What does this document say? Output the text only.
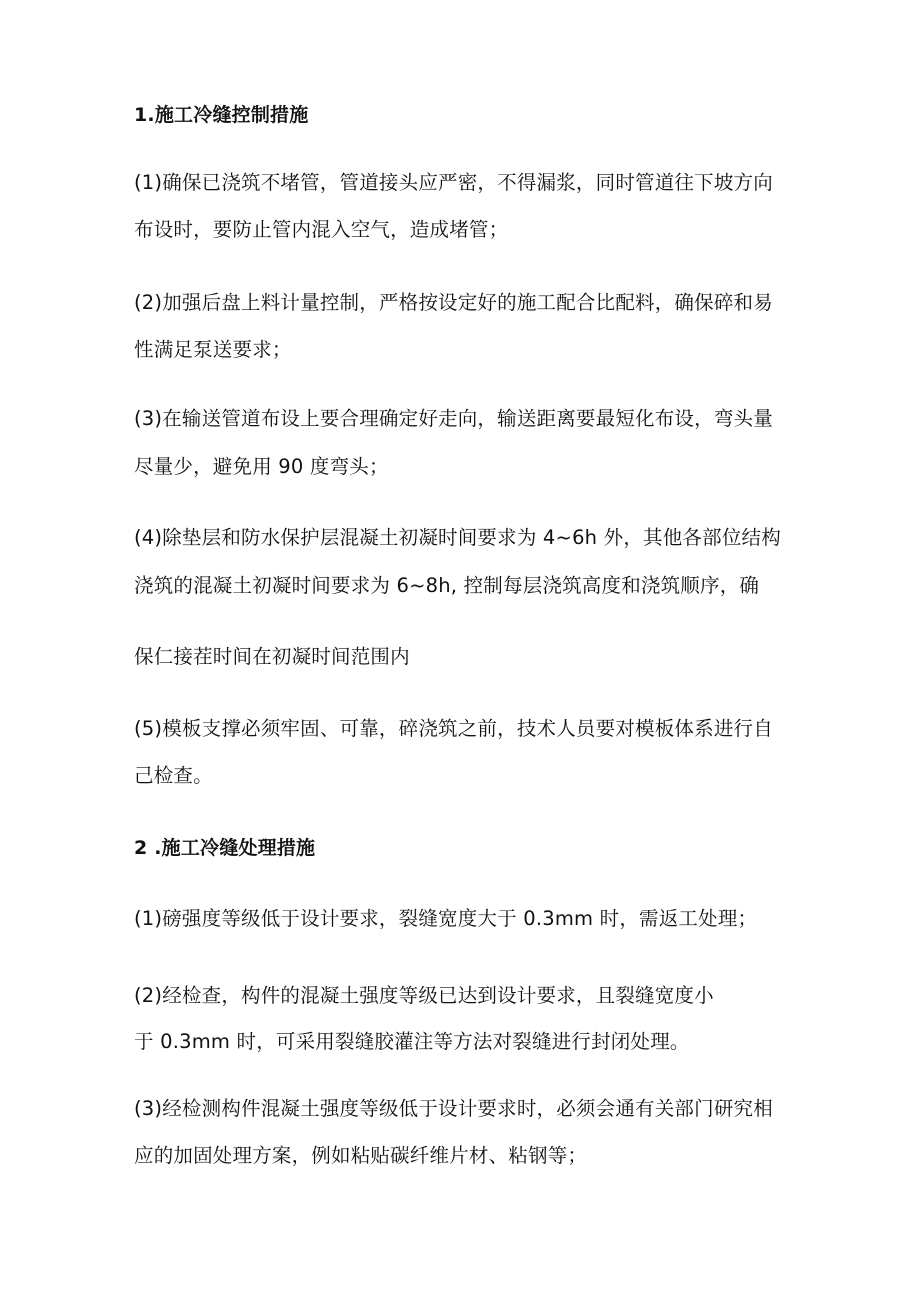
1.施工冷缝控制措施
(1)确保已浇筑不堵管，管道接头应严密，不得漏浆，同时管道往下坡方向
布设时，要防止管内混入空气，造成堵管；
(2)加强后盘上料计量控制，严格按设定好的施工配合比配料，确保碎和易
性满足泵送要求；
(3)在输送管道布设上要合理确定好走向，输送距离要最短化布设，弯头量
尽量少，避免用 90 度弯头；
(4)除垫层和防水保护层混凝土初凝时间要求为 4~6h 外，其他各部位结构
浇筑的混凝土初凝时间要求为 6~8h, 控制每层浇筑高度和浇筑顺序，确
保仁接茬时间在初凝时间范围内
(5)模板支撑必须牢固、可靠，碎浇筑之前，技术人员要对模板体系进行自
己检查。
2 .施工冷缝处理措施
(1)磅强度等级低于设计要求，裂缝宽度大于 0.3mm 时，需返工处理；
(2)经检查，构件的混凝土强度等级已达到设计要求，且裂缝宽度小
于 0.3mm 时，可采用裂缝胶灌注等方法对裂缝进行封闭处理。
(3)经检测构件混凝土强度等级低于设计要求时，必须会通有关部门研究相
应的加固处理方案，例如粘贴碳纤维片材、粘钢等；
